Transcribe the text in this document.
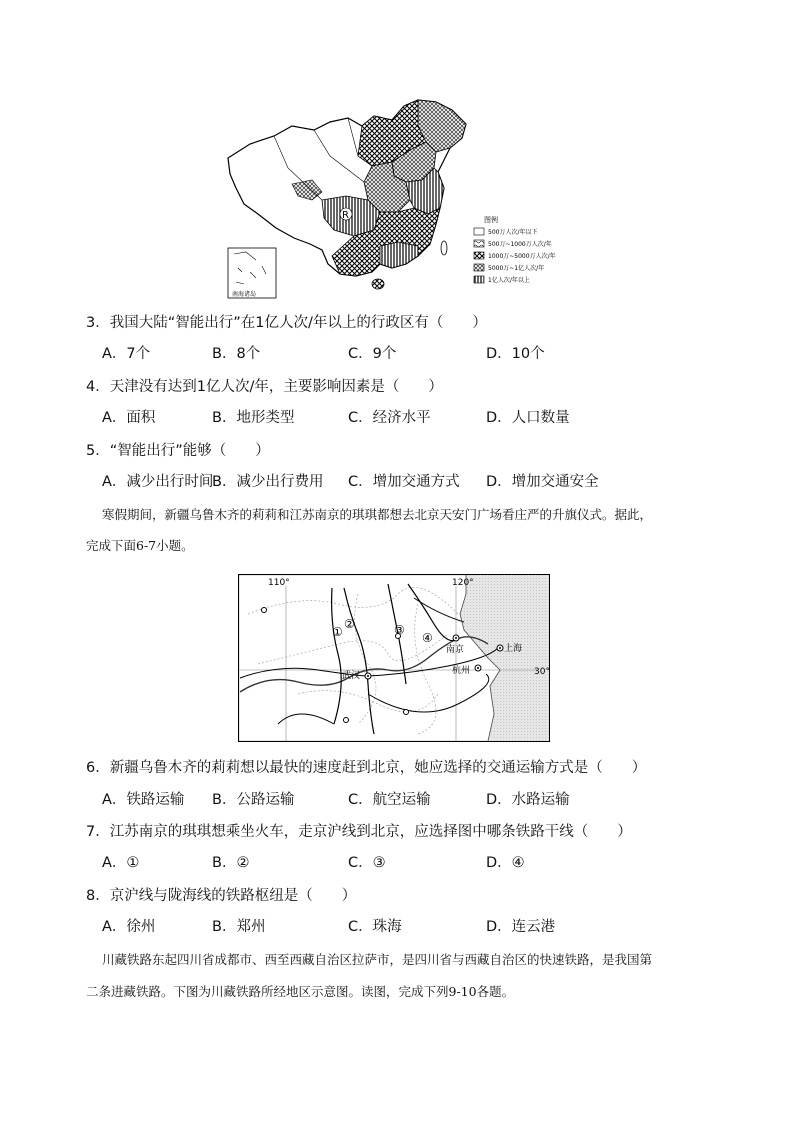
R
南海诸岛
图例
500万人次/年以下
500万~1000万人次/年
1000万~5000万人次/年
5000万~1亿人次/年
1亿人次/年以上
3．我国大陆“智能出行”在1亿人次/年以上的行政区有（　　）
A．7个	B．8个	C．9个	D．10个
4．天津没有达到1亿人次/年，主要影响因素是（　　）
A．面积	B．地形类型	C．经济水平	D．人口数量
5．“智能出行”能够（　　）
A．减少出行时间
B．减少出行费用 C．增加交通方式 D．增加交通安全
寒假期间，新疆乌鲁木齐的莉莉和江苏南京的琪琪都想去北京天安门广场看庄严的升旗仪式。据此，
完成下面6-7小题。
110°	120°
30°
南京	上海
杭州
武汉
①
②	③
④
6．新疆乌鲁木齐的莉莉想以最快的速度赶到北京，她应选择的交通运输方式是（　　）
A．铁路运输 B．公路运输	C．航空运输	D．水路运输
7．江苏南京的琪琪想乘坐火车，走京沪线到北京，应选择图中哪条铁路干线（　　）
A．①	B．②	C．③	D．④
8．京沪线与陇海线的铁路枢纽是（　　）
A．徐州	B．郑州	C．珠海	D．连云港
川藏铁路东起四川省成都市、西至西藏自治区拉萨市，是四川省与西藏自治区的快速铁路，是我国第
二条进藏铁路。下图为川藏铁路所经地区示意图。读图，完成下列9-10各题。
